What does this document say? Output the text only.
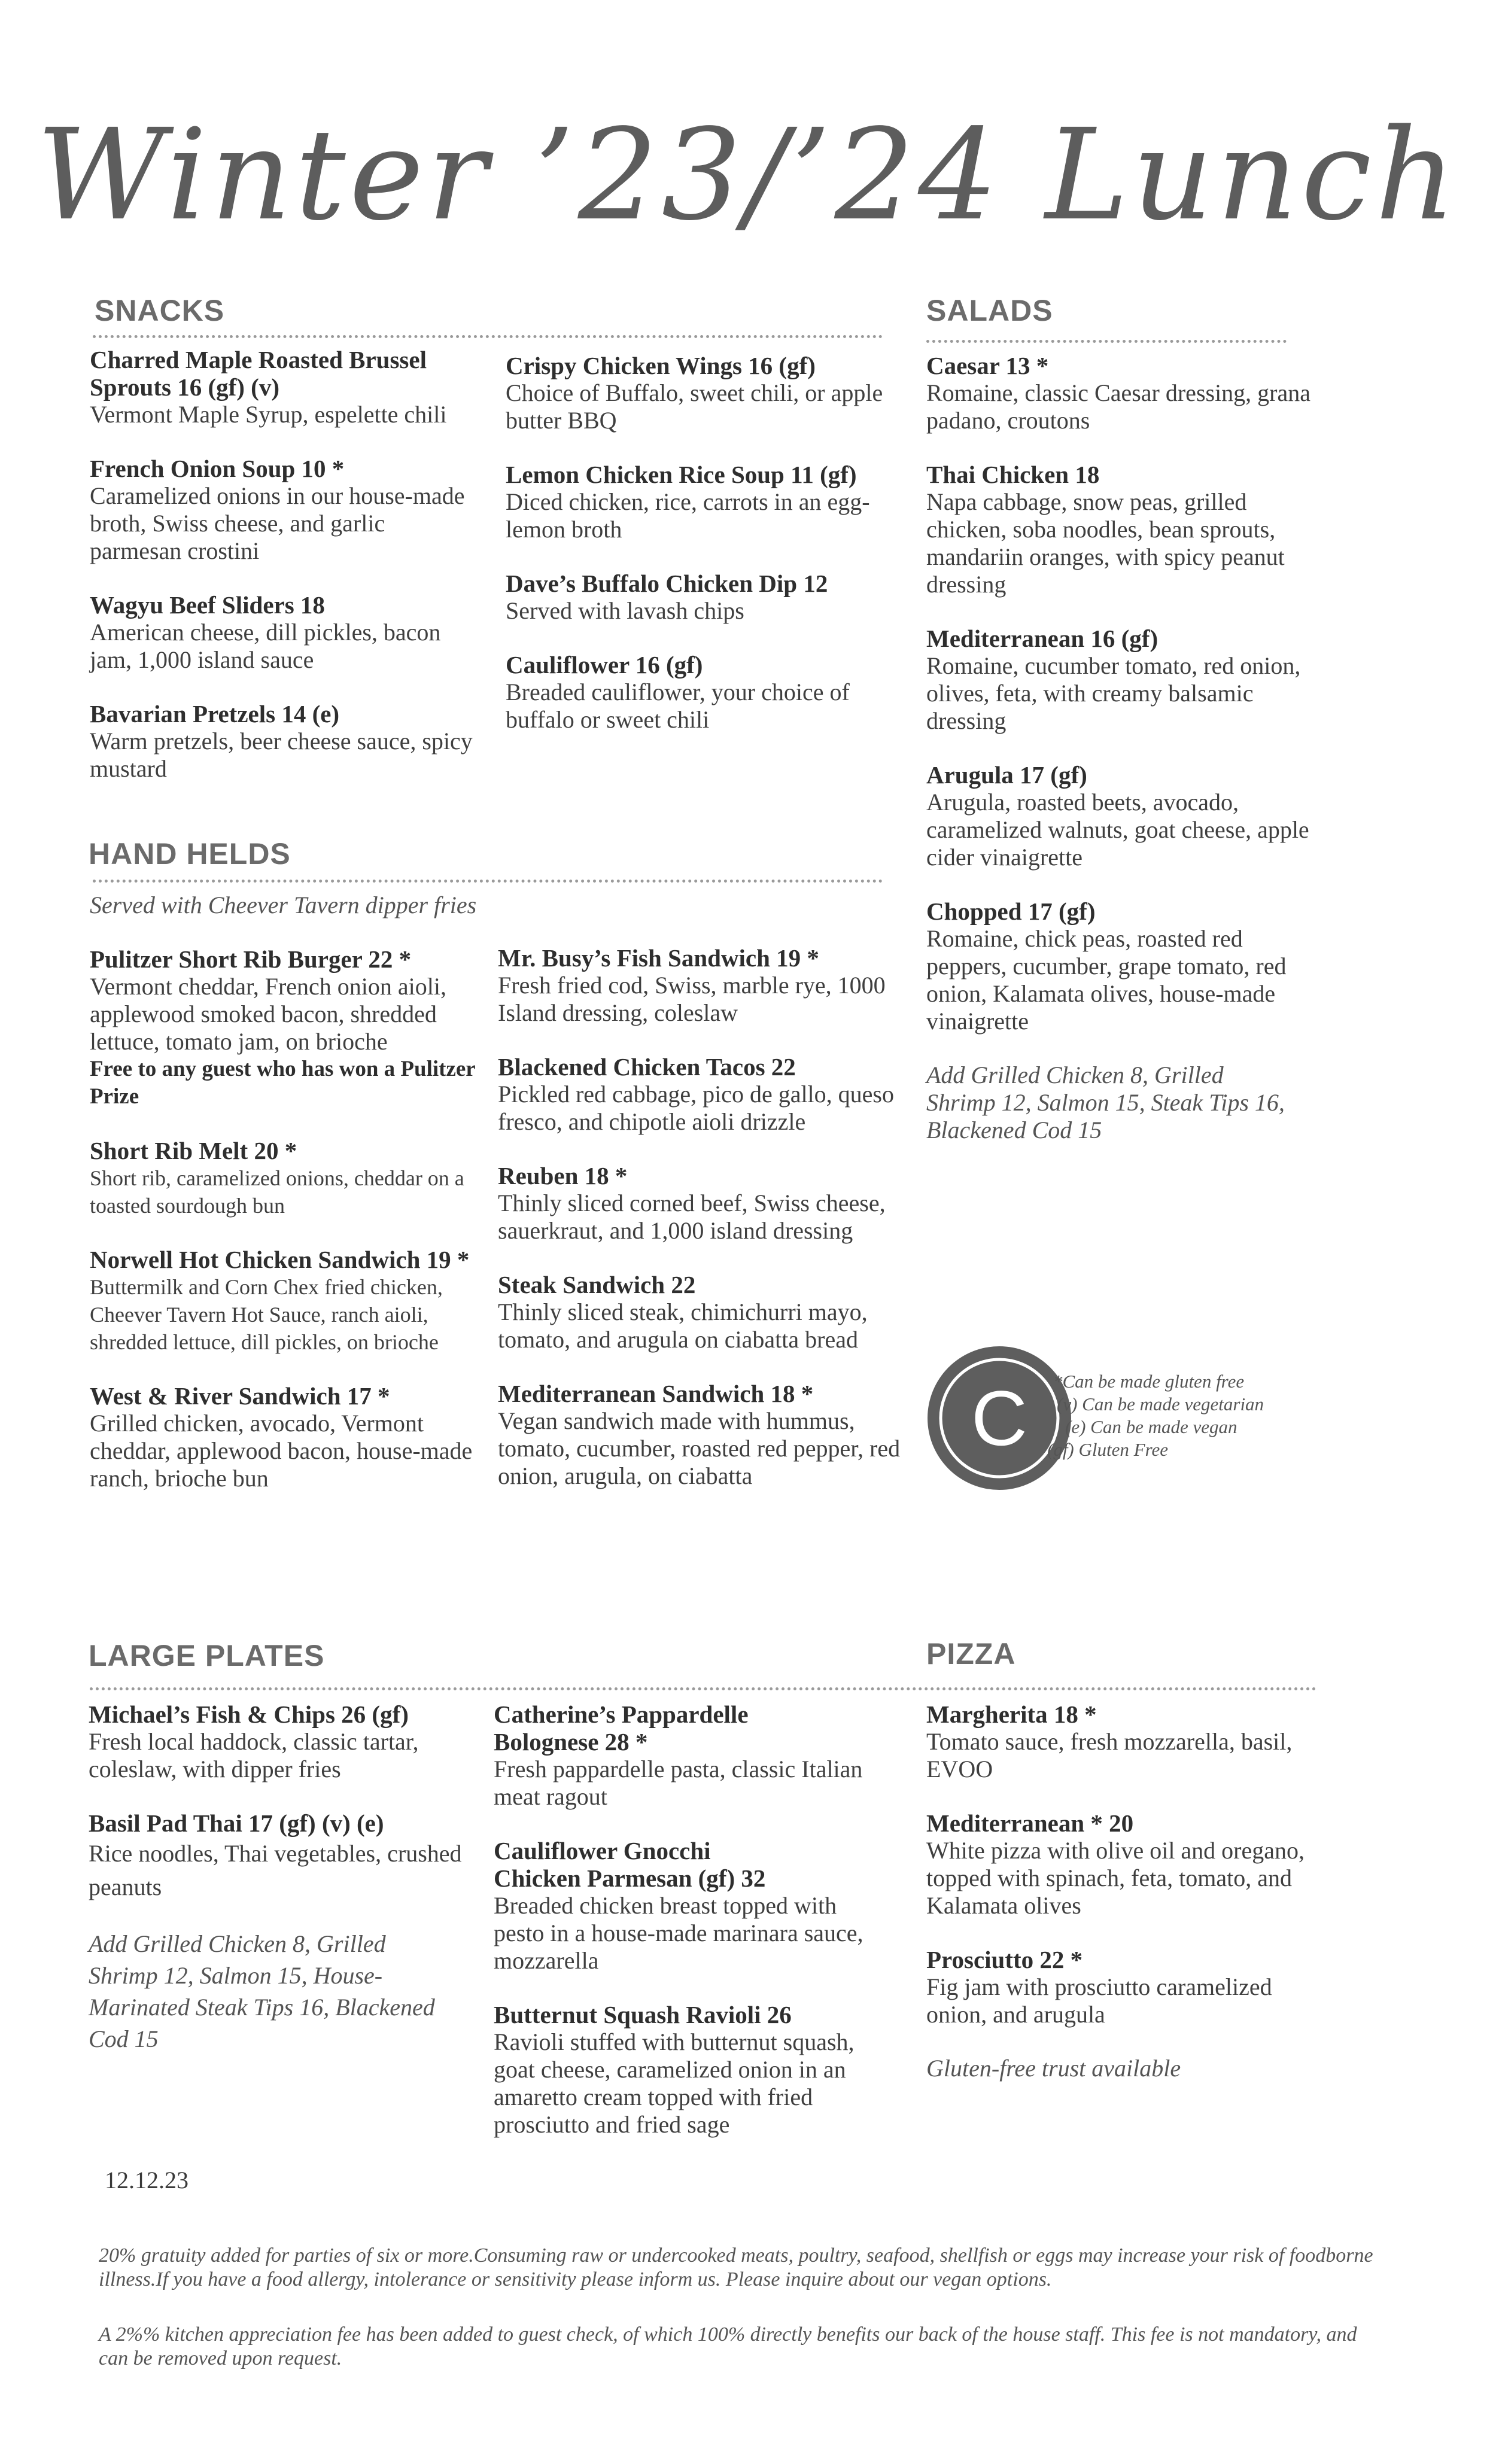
Winter ’23/’24 Lunch
SNACKS
Charred Maple Roasted Brussel Sprouts 16 (gf) (v)
Vermont Maple Syrup, espelette chili
French Onion Soup 10 *
Caramelized onions in our house-made broth, Swiss cheese, and garlic parmesan crostini
Wagyu Beef Sliders 18
American cheese, dill pickles, bacon jam, 1,000 island sauce
Bavarian Pretzels 14 (e)
Warm pretzels, beer cheese sauce, spicy mustard
Crispy Chicken Wings 16 (gf)
Choice of Buffalo, sweet chili, or apple butter BBQ
Lemon Chicken Rice Soup 11 (gf)
Diced chicken, rice, carrots in an egg-lemon broth
Dave’s Buffalo Chicken Dip 12
Served with lavash chips
Cauliflower 16 (gf)
Breaded cauliflower, your choice of buffalo or sweet chili
SALADS
Caesar 13 *
Romaine, classic Caesar dressing, grana padano, croutons
Thai Chicken 18
Napa cabbage, snow peas, grilled chicken, soba noodles, bean sprouts, mandariin oranges, with spicy peanut dressing
Mediterranean 16 (gf)
Romaine, cucumber tomato, red onion, olives, feta, with creamy balsamic dressing
Arugula 17 (gf)
Arugula, roasted beets, avocado, caramelized walnuts, goat cheese, apple cider vinaigrette
Chopped 17 (gf)
Romaine, chick peas, roasted red peppers, cucumber, grape tomato, red onion, Kalamata olives, house-made vinaigrette
Add Grilled Chicken 8, Grilled Shrimp 12, Salmon 15, Steak Tips 16, Blackened Cod 15
HAND HELDS
Served with Cheever Tavern dipper fries
Pulitzer Short Rib Burger 22 *
Vermont cheddar, French onion aioli, applewood smoked bacon, shredded lettuce, tomato jam, on brioche
Free to any guest who has won a Pulitzer Prize
Short Rib Melt 20 *
Short rib, caramelized onions, cheddar on a toasted sourdough bun
Norwell Hot Chicken Sandwich 19 *
Buttermilk and Corn Chex fried chicken, Cheever Tavern Hot Sauce, ranch aioli, shredded lettuce, dill pickles, on brioche
West & River Sandwich 17 *
Grilled chicken, avocado, Vermont cheddar, applewood bacon, house-made ranch, brioche bun
Mr. Busy’s Fish Sandwich 19 *
Fresh fried cod, Swiss, marble rye, 1000 Island dressing, coleslaw
Blackened Chicken Tacos 22
Pickled red cabbage, pico de gallo, queso fresco, and chipotle aioli drizzle
Reuben 18 *
Thinly sliced corned beef, Swiss cheese, sauerkraut, and 1,000 island dressing
Steak Sandwich 22
Thinly sliced steak, chimichurri mayo, tomato, and arugula on ciabatta bread
Mediterranean Sandwich 18 *
Vegan sandwich made with hummus, tomato, cucumber, roasted red pepper, red onion, arugula, on ciabatta
C *Can be made gluten free
(v) Can be made vegetarian
(e) Can be made vegan
(gf) Gluten Free
LARGE PLATES
Michael’s Fish & Chips 26 (gf)
Fresh local haddock, classic tartar, coleslaw, with dipper fries
Basil Pad Thai 17 (gf) (v) (e)
Rice noodles, Thai vegetables, crushed peanuts
Add Grilled Chicken 8, Grilled Shrimp 12, Salmon 15, House-Marinated Steak Tips 16, Blackened Cod 15
Catherine’s Pappardelle Bolognese 28 *
Fresh pappardelle pasta, classic Italian meat ragout
Cauliflower Gnocchi Chicken Parmesan (gf) 32
Breaded chicken breast topped with pesto in a house-made marinara sauce, mozzarella
Butternut Squash Ravioli 26
Ravioli stuffed with butternut squash, goat cheese, caramelized onion in an amaretto cream topped with fried prosciutto and fried sage
PIZZA
Margherita 18 *
Tomato sauce, fresh mozzarella, basil, EVOO
Mediterranean * 20
White pizza with olive oil and oregano, topped with spinach, feta, tomato, and Kalamata olives
Prosciutto 22 *
Fig jam with prosciutto caramelized onion, and arugula
Gluten-free trust available
12.12.23
20% gratuity added for parties of six or more.Consuming raw or undercooked meats, poultry, seafood, shellfish or eggs may increase your risk of foodborne illness.If you have a food allergy, intolerance or sensitivity please inform us. Please inquire about our vegan options.
A 2%% kitchen appreciation fee has been added to guest check, of which 100% directly benefits our back of the house staff. This fee is not mandatory, and can be removed upon request.
